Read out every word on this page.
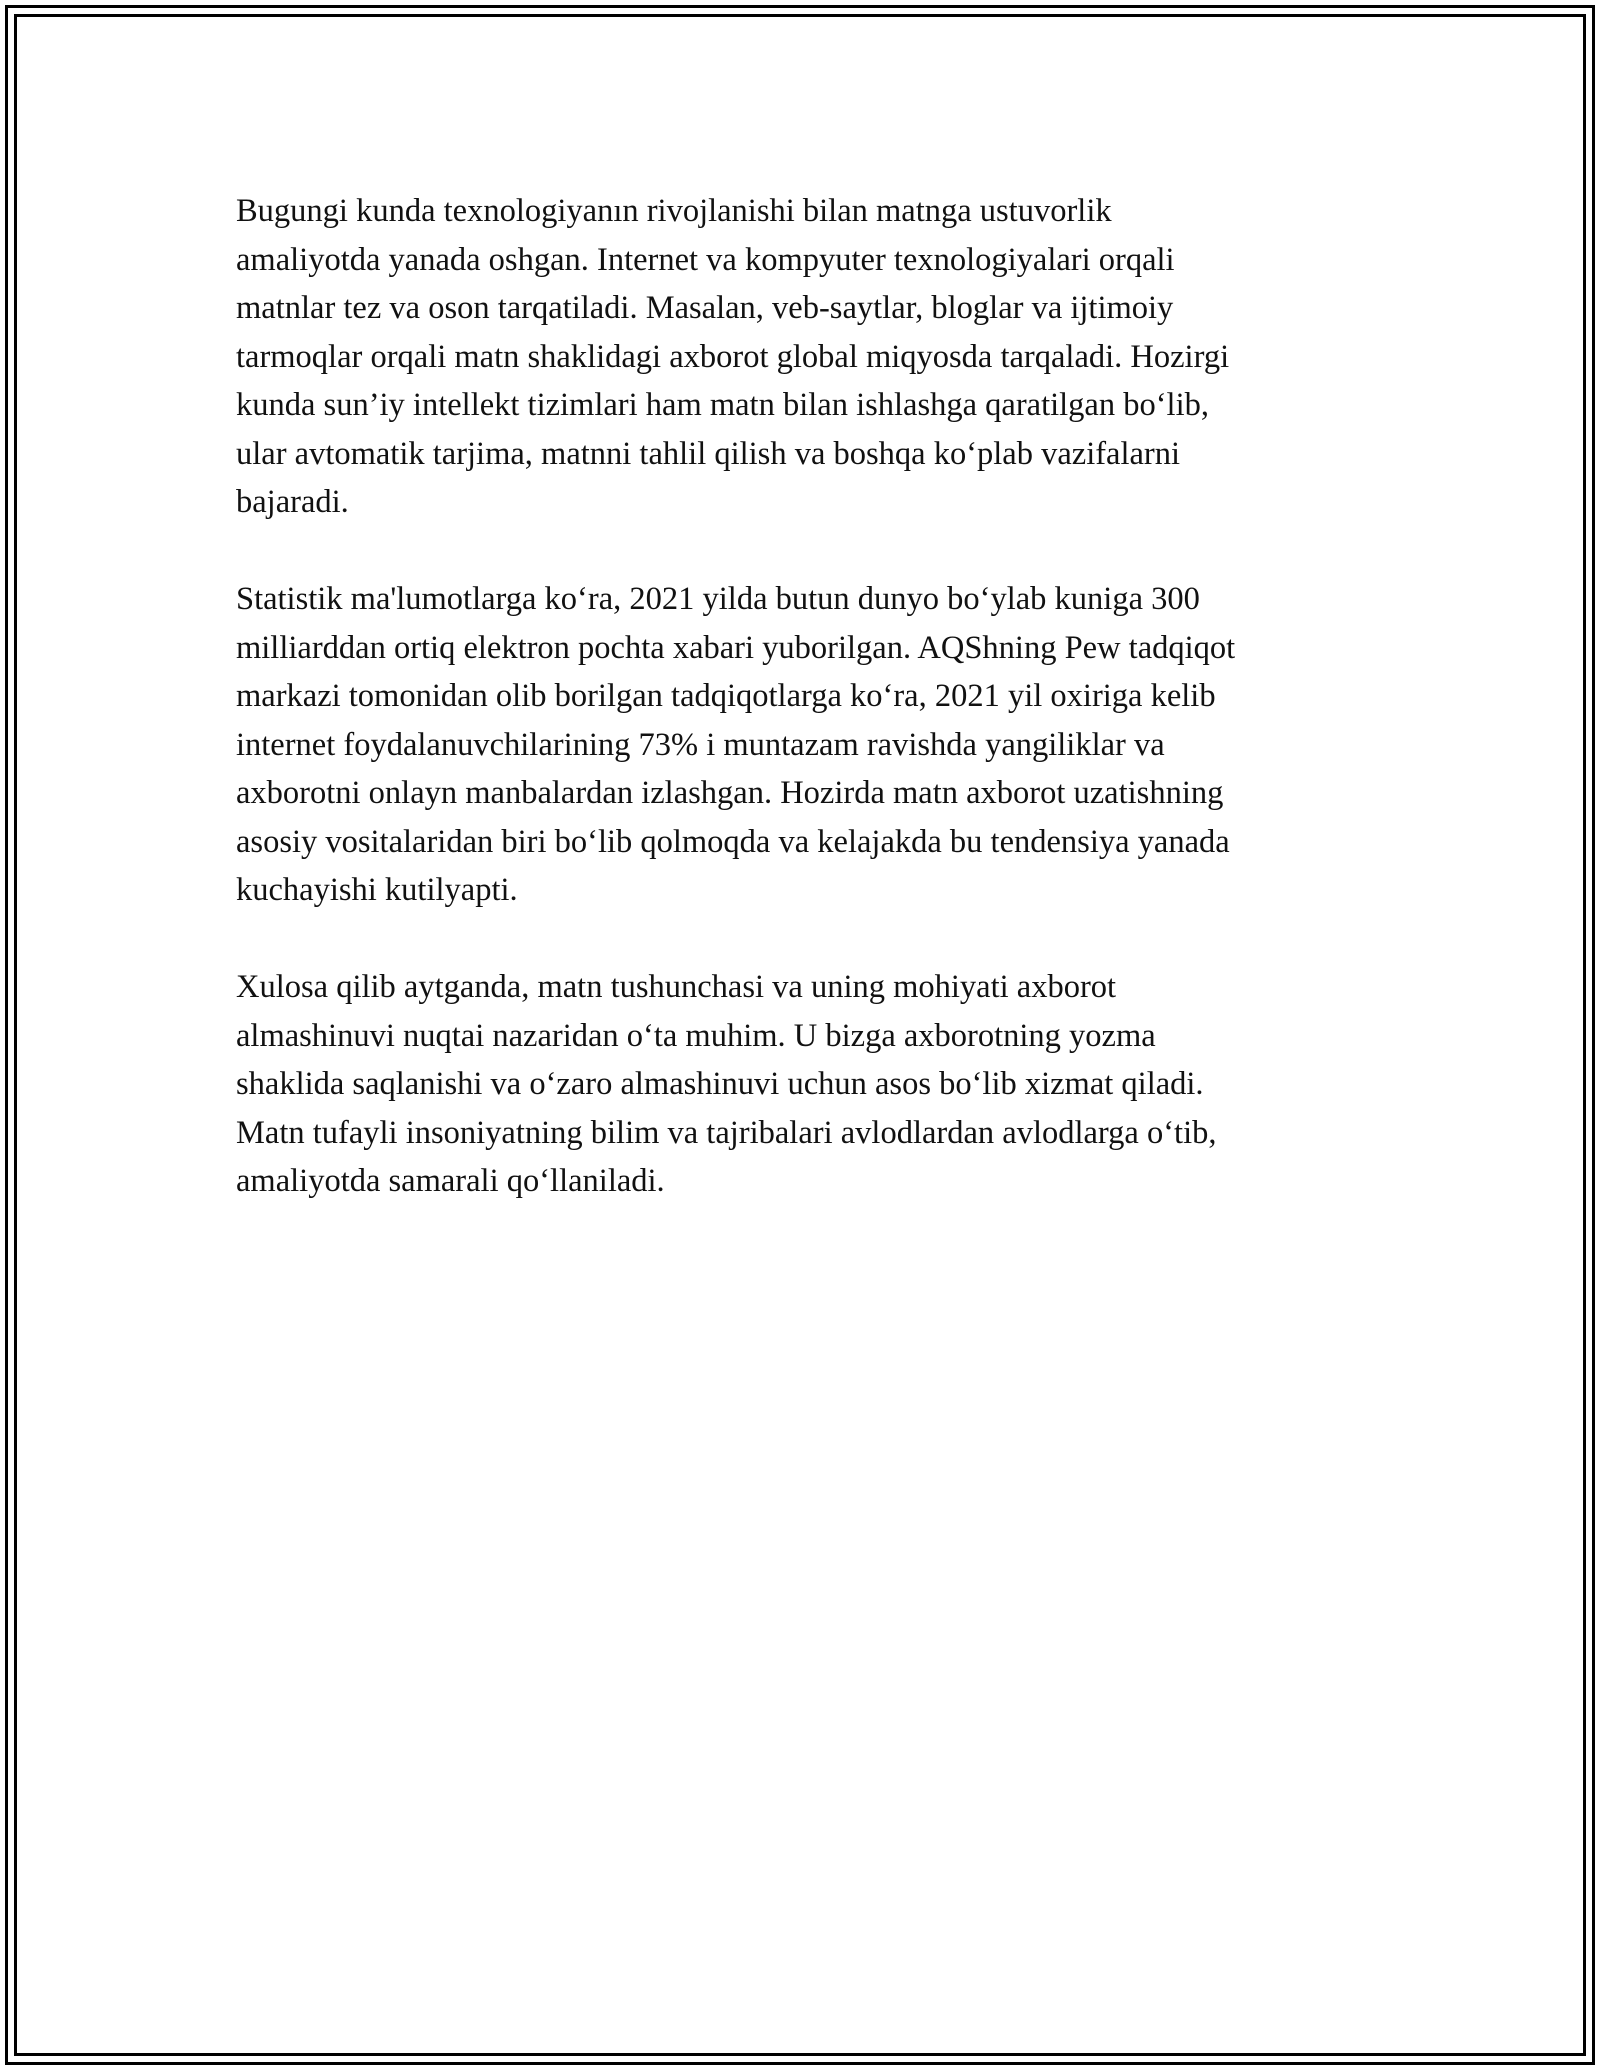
Bugungi kunda texnologiyanın rivojlanishi bilan matnga ustuvorlik
amaliyotda yanada oshgan. Internet va kompyuter texnologiyalari orqali
matnlar tez va oson tarqatiladi. Masalan, veb-saytlar, bloglar va ijtimoiy
tarmoqlar orqali matn shaklidagi axborot global miqyosda tarqaladi. Hozirgi
kunda sun’iy intellekt tizimlari ham matn bilan ishlashga qaratilgan bo‘lib,
ular avtomatik tarjima, matnni tahlil qilish va boshqa ko‘plab vazifalarni
bajaradi.

Statistik ma'lumotlarga ko‘ra, 2021 yilda butun dunyo bo‘ylab kuniga 300
milliarddan ortiq elektron pochta xabari yuborilgan. AQShning Pew tadqiqot
markazi tomonidan olib borilgan tadqiqotlarga ko‘ra, 2021 yil oxiriga kelib
internet foydalanuvchilarining 73% i muntazam ravishda yangiliklar va
axborotni onlayn manbalardan izlashgan. Hozirda matn axborot uzatishning
asosiy vositalaridan biri bo‘lib qolmoqda va kelajakda bu tendensiya yanada
kuchayishi kutilyapti.

Xulosa qilib aytganda, matn tushunchasi va uning mohiyati axborot
almashinuvi nuqtai nazaridan o‘ta muhim. U bizga axborotning yozma
shaklida saqlanishi va o‘zaro almashinuvi uchun asos bo‘lib xizmat qiladi.
Matn tufayli insoniyatning bilim va tajribalari avlodlardan avlodlarga o‘tib,
amaliyotda samarali qo‘llaniladi.
